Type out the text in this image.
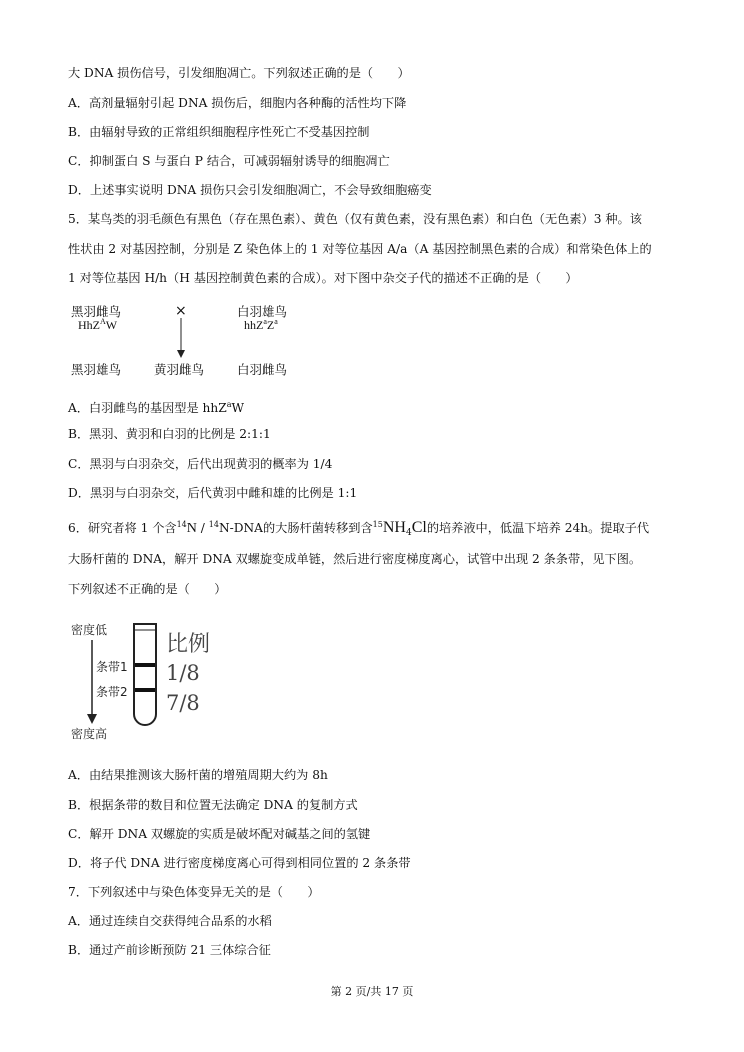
大 DNA 损伤信号，引发细胞凋亡。下列叙述正确的是（　　）
A．高剂量辐射引起 DNA 损伤后，细胞内各种酶的活性均下降
B．由辐射导致的正常组织细胞程序性死亡不受基因控制
C．抑制蛋白 S 与蛋白 P 结合，可减弱辐射诱导的细胞凋亡
D．上述事实说明 DNA 损伤只会引发细胞凋亡，不会导致细胞癌变
5．某鸟类的羽毛颜色有黑色（存在黑色素）、黄色（仅有黄色素，没有黑色素）和白色（无色素）3 种。该
性状由 2 对基因控制，分别是 Z 染色体上的 1 对等位基因 A/a（A 基因控制黑色素的合成）和常染色体上的
1 对等位基因 H/h（H 基因控制黄色素的合成）。对下图中杂交子代的描述不正确的是（　　）
黑羽雌鸟
HhZ$^A$W
×	白羽雄鸟
$hhZ^aZ^a$
黑羽雄鸟	黄羽雌鸟	白羽雌鸟
A．白羽雌鸟的基因型是 hhZ$^a$W
B．黑羽、黄羽和白羽的比例是 2:1:1
C．黑羽与白羽杂交，后代出现黄羽的概率为 1/4
D．黑羽与白羽杂交，后代黄羽中雌和雄的比例是 1:1
6．研究者将 1 个含$^{14}$N / $^{14}$N-DNA的大肠杆菌转移到含$^{15}NH_4Cl$的培养液中，低温下培养 24h。提取子代
大肠杆菌的 DNA，解开 DNA 双螺旋变成单链，然后进行密度梯度离心，试管中出现 2 条条带，见下图。
下列叙述不正确的是（　　）
密度低
密度高
条带1
条带2
比例
1/8
7/8
A．由结果推测该大肠杆菌的增殖周期大约为 8h
B．根据条带的数目和位置无法确定 DNA 的复制方式
C．解开 DNA 双螺旋的实质是破坏配对碱基之间的氢键
D．将子代 DNA 进行密度梯度离心可得到相同位置的 2 条条带
7．下列叙述中与染色体变异无关的是（　　）
A．通过连续自交获得纯合品系的水稻
B．通过产前诊断预防 21 三体综合征
第 2 页/共 17 页
